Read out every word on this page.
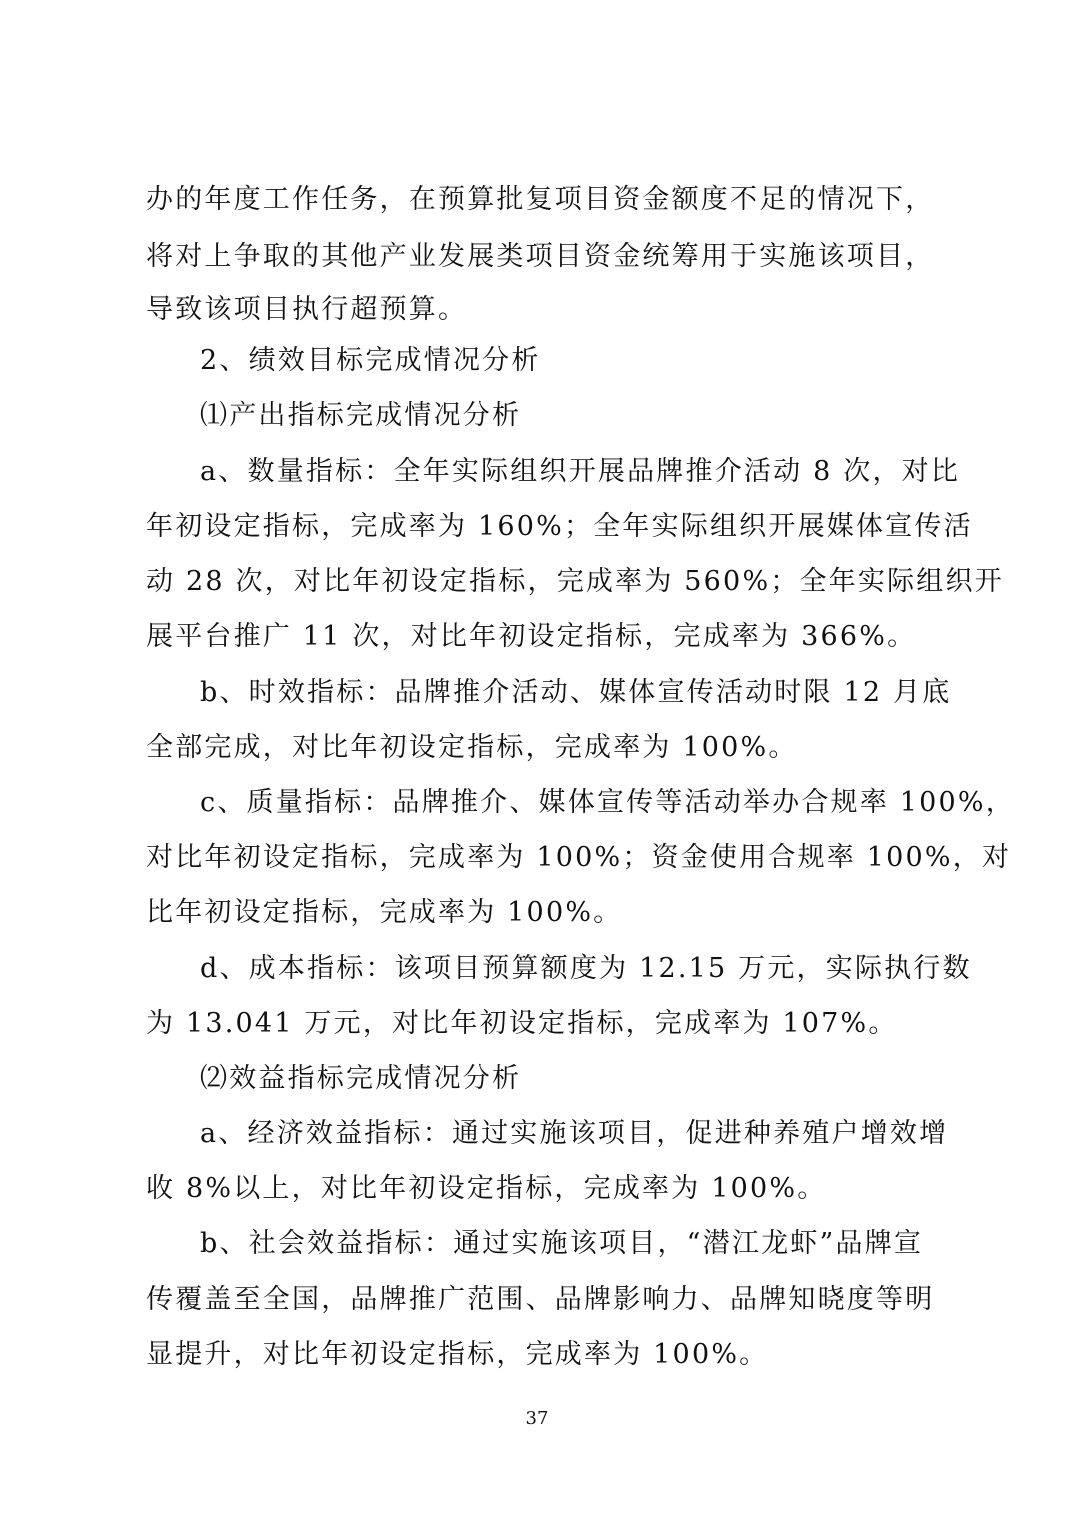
办的年度工作任务，在预算批复项目资金额度不足的情况下，
将对上争取的其他产业发展类项目资金统筹用于实施该项目，
导致该项目执行超预算。
2、绩效目标完成情况分析
⑴产出指标完成情况分析
a、数量指标：全年实际组织开展品牌推介活动 8 次，对比
年初设定指标，完成率为 160%；全年实际组织开展媒体宣传活
动 28 次，对比年初设定指标，完成率为 560%；全年实际组织开
展平台推广 11 次，对比年初设定指标，完成率为 366%。
b、时效指标：品牌推介活动、媒体宣传活动时限 12 月底
全部完成，对比年初设定指标，完成率为 100%。
c、质量指标：品牌推介、媒体宣传等活动举办合规率 100%，
对比年初设定指标，完成率为 100%；资金使用合规率 100%，对
比年初设定指标，完成率为 100%。
d、成本指标：该项目预算额度为 12.15 万元，实际执行数
为 13.041 万元，对比年初设定指标，完成率为 107%。
⑵效益指标完成情况分析
a、经济效益指标：通过实施该项目，促进种养殖户增效增
收 8%以上，对比年初设定指标，完成率为 100%。
b、社会效益指标：通过实施该项目，“潜江龙虾”品牌宣
传覆盖至全国，品牌推广范围、品牌影响力、品牌知晓度等明
显提升，对比年初设定指标，完成率为 100%。
37
